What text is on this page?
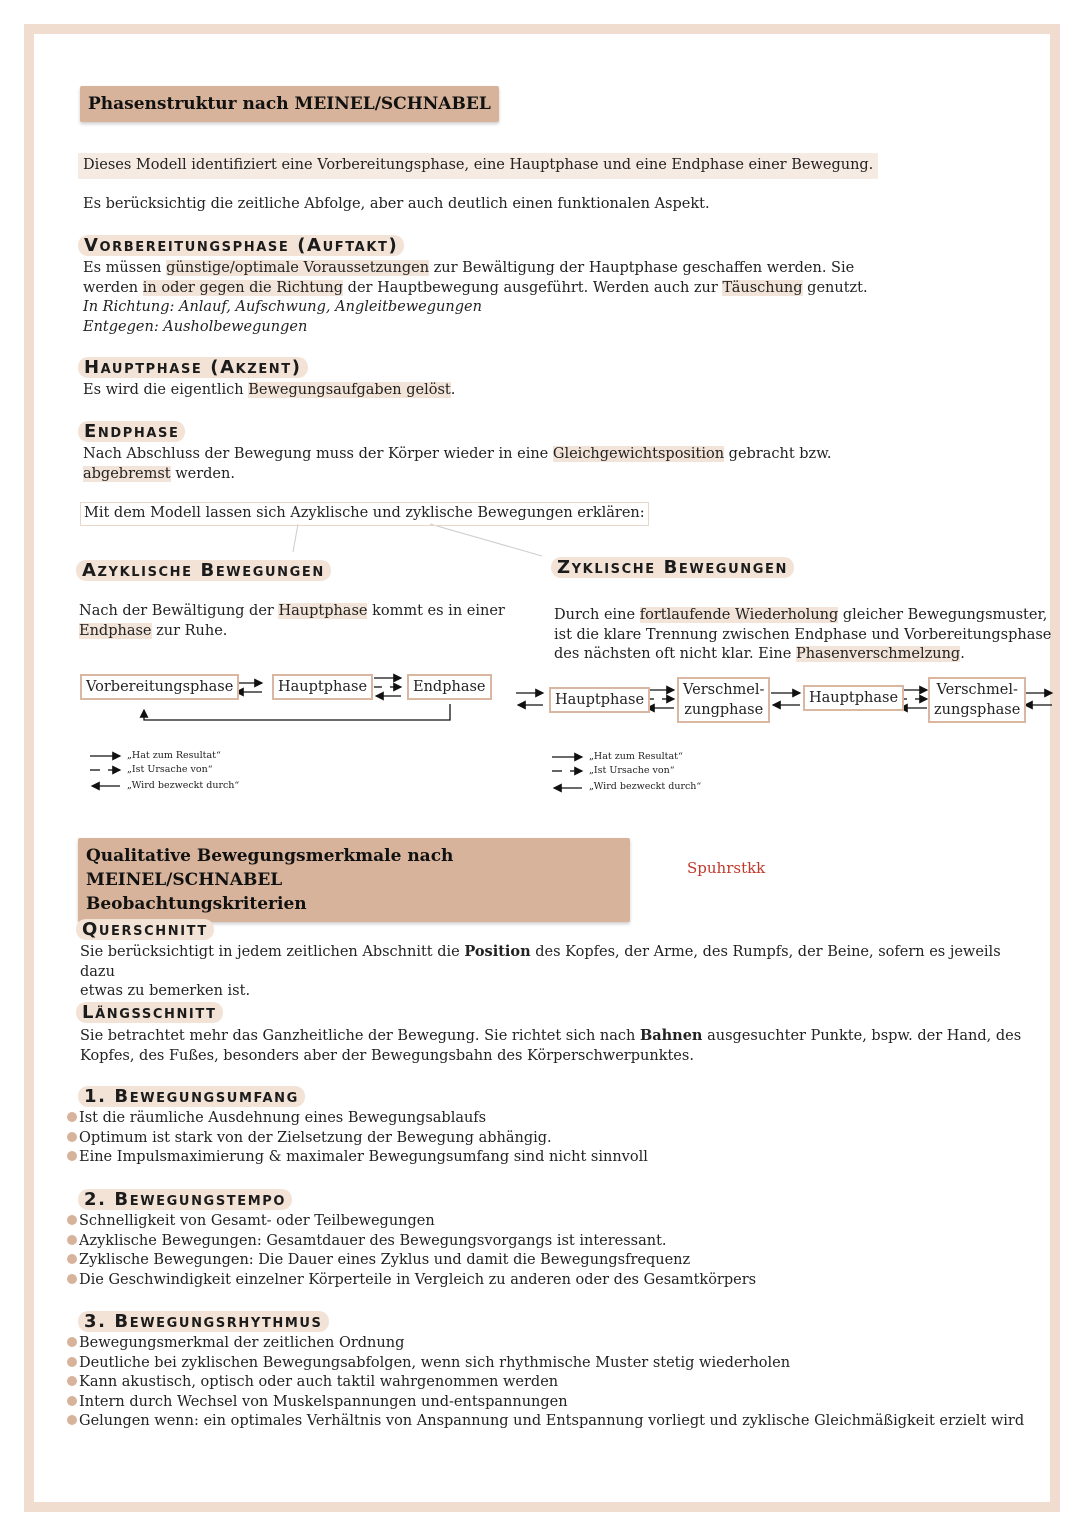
Phasenstruktur nach MEINEL/SCHNABEL

Dieses Modell identifiziert eine Vorbereitungsphase, eine Hauptphase und eine Endphase einer Bewegung.

Es berücksichtig die zeitliche Abfolge, aber auch deutlich einen funktionalen Aspekt.

Vorbereitungsphase (Auftakt)

Es müssen günstige/optimale Voraussetzungen zur Bewältigung der Hauptphase geschaffen werden. Sie

werden in oder gegen die Richtung der Hauptbewegung ausgeführt. Werden auch zur Täuschung genutzt.

In Richtung: Anlauf, Aufschwung, Angleitbewegungen

Entgegen: Ausholbewegungen

Hauptphase (Akzent)

Es wird die eigentlich Bewegungsaufgaben gelöst.

Endphase

Nach Abschluss der Bewegung muss der Körper wieder in eine Gleichgewichtsposition gebracht bzw.

abgebremst werden.

Mit dem Modell lassen sich Azyklische und zyklische Bewegungen erklären:

Azyklische Bewegungen

Nach der Bewältigung der Hauptphase kommt es in einer

Endphase zur Ruhe.

Vorbereitungsphase	Hauptphase	Endphase
„Hat zum Resultat“
„Ist Ursache von“
„Wird bezweckt durch“
Zyklische Bewegungen

Durch eine fortlaufende Wiederholung gleicher Bewegungsmuster,

ist die klare Trennung zwischen Endphase und Vorbereitungsphase

des nächsten oft nicht klar. Eine Phasenverschmelzung.

Hauptphase
Verschmel-
zungphase
Hauptphase	Verschmel-
zungsphase
„Hat zum Resultat“
„Ist Ursache von“
„Wird bezweckt durch“
Qualitative Bewegungsmerkmale nach MEINEL/SCHNABEL
Beobachtungskriterien
Spuhrstkk
Querschnitt

Sie berücksichtigt in jedem zeitlichen Abschnitt die Position des Kopfes, der Arme, des Rumpfs, der Beine, sofern es jeweils dazu

etwas zu bemerken ist.

Längsschnitt

Sie betrachtet mehr das Ganzheitliche der Bewegung. Sie richtet sich nach Bahnen ausgesuchter Punkte, bspw. der Hand, des

Kopfes, des Fußes, besonders aber der Bewegungsbahn des Körperschwerpunktes.

1. Bewegungsumfang
Ist die räumliche Ausdehnung eines Bewegungsablaufs
Optimum ist stark von der Zielsetzung der Bewegung abhängig.
Eine Impulsmaximierung & maximaler Bewegungsumfang sind nicht sinnvoll
2. Bewegungstempo
Schnelligkeit von Gesamt- oder Teilbewegungen
Azyklische Bewegungen: Gesamtdauer des Bewegungsvorgangs ist interessant.
Zyklische Bewegungen: Die Dauer eines Zyklus und damit die Bewegungsfrequenz
Die Geschwindigkeit einzelner Körperteile in Vergleich zu anderen oder des Gesamtkörpers
3. Bewegungsrhythmus
Bewegungsmerkmal der zeitlichen Ordnung
Deutliche bei zyklischen Bewegungsabfolgen, wenn sich rhythmische Muster stetig wiederholen
Kann akustisch, optisch oder auch taktil wahrgenommen werden
Intern durch Wechsel von Muskelspannungen und-entspannungen
Gelungen wenn: ein optimales Verhältnis von Anspannung und Entspannung vorliegt und zyklische Gleichmäßigkeit erzielt wird
